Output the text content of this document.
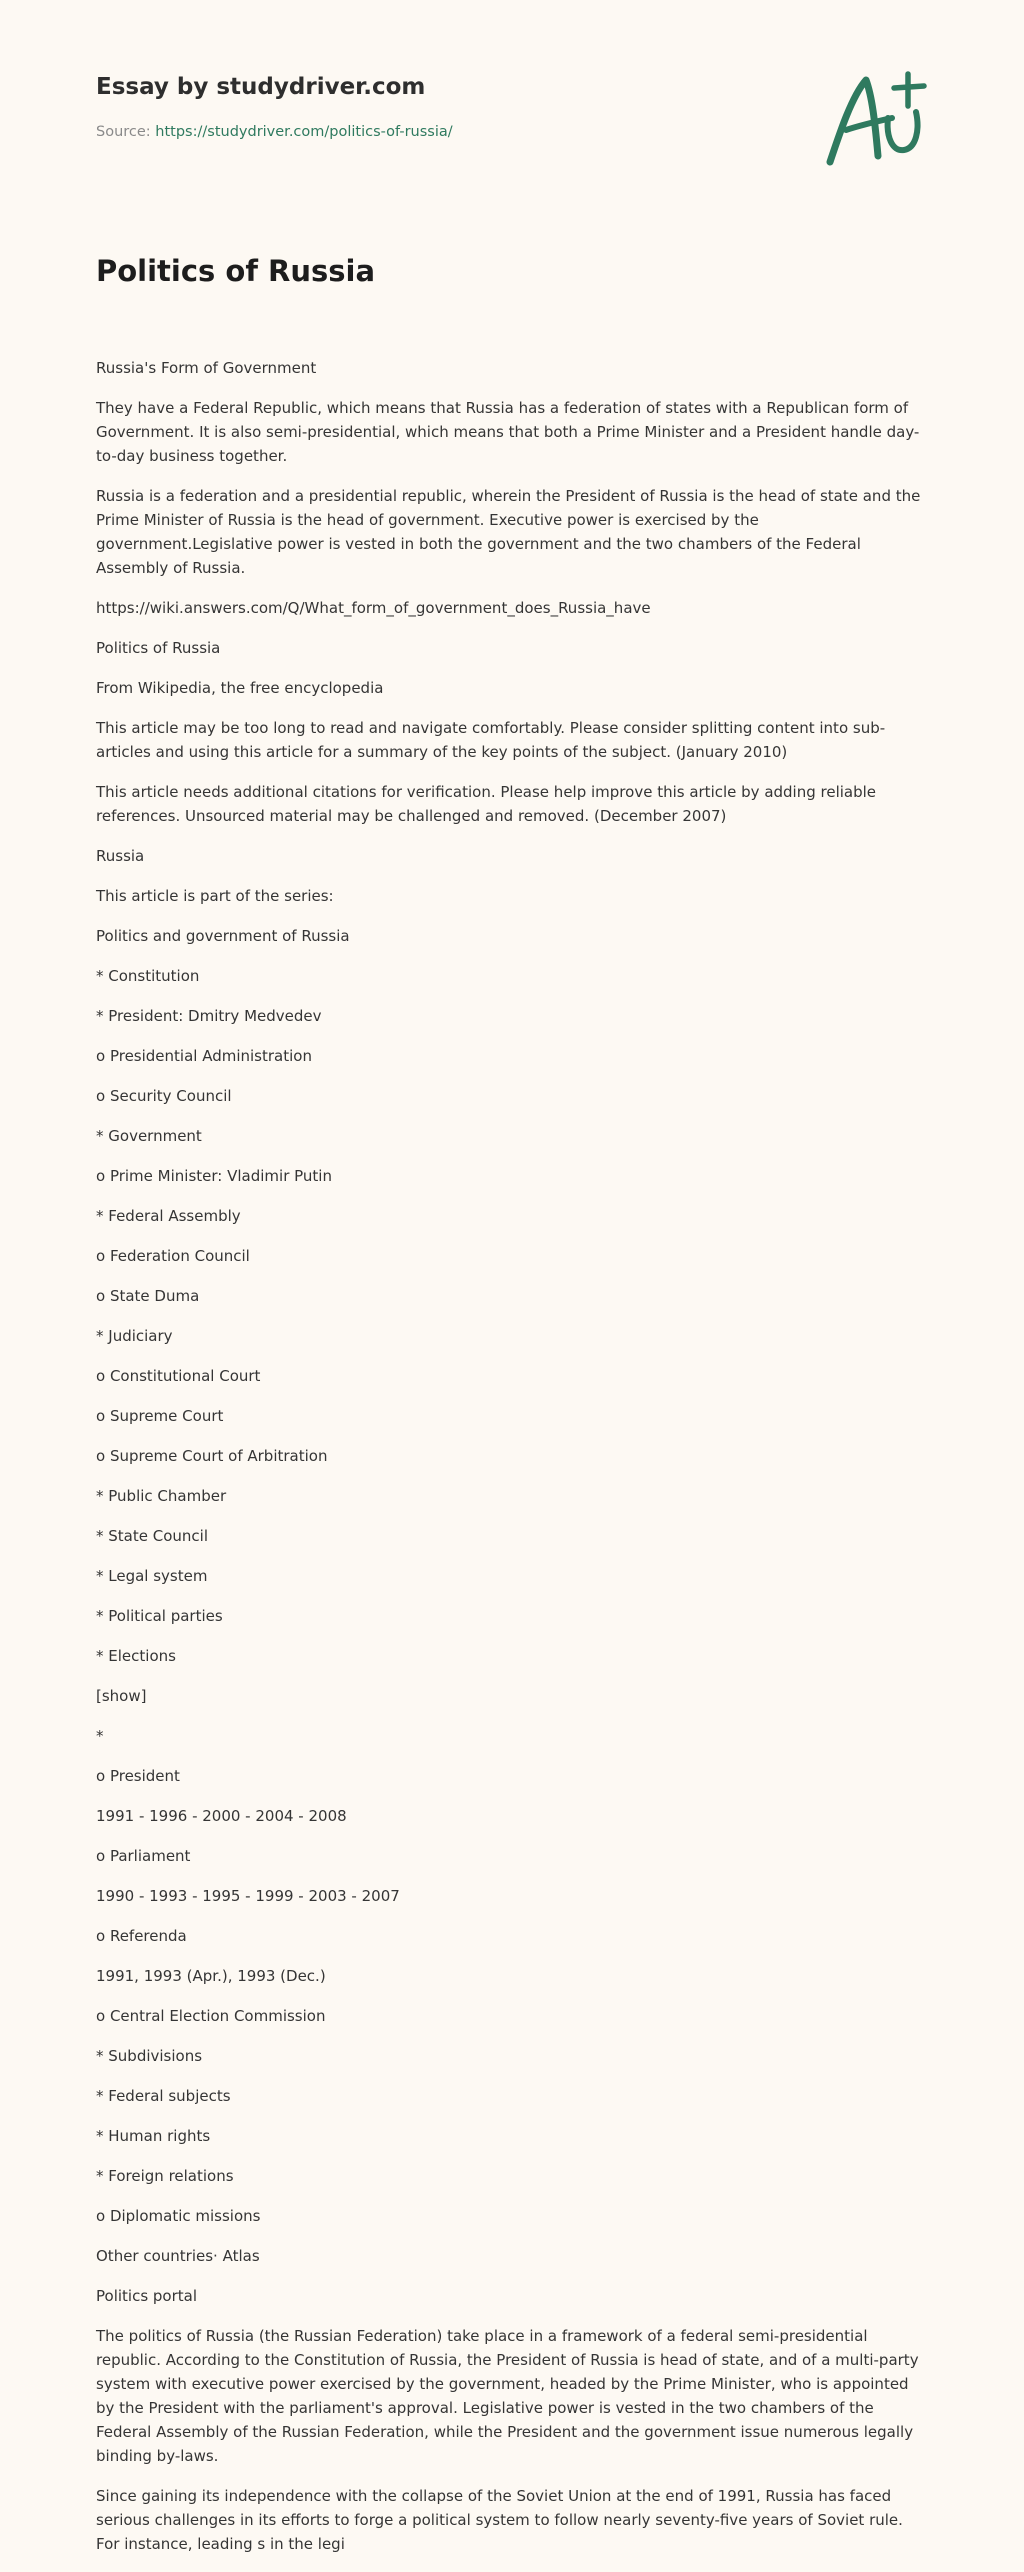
Essay by studydriver.com

Source: https://studydriver.com/politics-of-russia/

Politics of Russia

Russia's Form of Government

They have a Federal Republic, which means that Russia has a federation of states with a Republican form of Government. It is also semi-presidential, which means that both a Prime Minister and a President handle day-to-day business together.

Russia is a federation and a presidential republic, wherein the President of Russia is the head of state and the Prime Minister of Russia is the head of government. Executive power is exercised by the government.Legislative power is vested in both the government and the two chambers of the Federal Assembly of Russia.

https://wiki.answers.com/Q/What_form_of_government_does_Russia_have

Politics of Russia

From Wikipedia, the free encyclopedia

This article may be too long to read and navigate comfortably. Please consider splitting content into sub-articles and using this article for a summary of the key points of the subject. (January 2010)

This article needs additional citations for verification. Please help improve this article by adding reliable references. Unsourced material may be challenged and removed. (December 2007)

Russia

This article is part of the series:

Politics and government of Russia

* Constitution

* President: Dmitry Medvedev

o Presidential Administration

o Security Council

* Government

o Prime Minister: Vladimir Putin

* Federal Assembly

o Federation Council

o State Duma

* Judiciary

o Constitutional Court

o Supreme Court

o Supreme Court of Arbitration

* Public Chamber

* State Council

* Legal system

* Political parties

* Elections

[show]

*

o President

1991 - 1996 - 2000 - 2004 - 2008

o Parliament

1990 - 1993 - 1995 - 1999 - 2003 - 2007

o Referenda

1991, 1993 (Apr.), 1993 (Dec.)

o Central Election Commission

* Subdivisions

* Federal subjects

* Human rights

* Foreign relations

o Diplomatic missions

Other countries· Atlas

Politics portal

The politics of Russia (the Russian Federation) take place in a framework of a federal semi-presidential republic. According to the Constitution of Russia, the President of Russia is head of state, and of a multi-party system with executive power exercised by the government, headed by the Prime Minister, who is appointed by the President with the parliament's approval. Legislative power is vested in the two chambers of the Federal Assembly of the Russian Federation, while the President and the government issue numerous legally binding by-laws.

Since gaining its independence with the collapse of the Soviet Union at the end of 1991, Russia has faced serious challenges in its efforts to forge a political system to follow nearly seventy-five years of Soviet rule. For instance, leading s in the legi
